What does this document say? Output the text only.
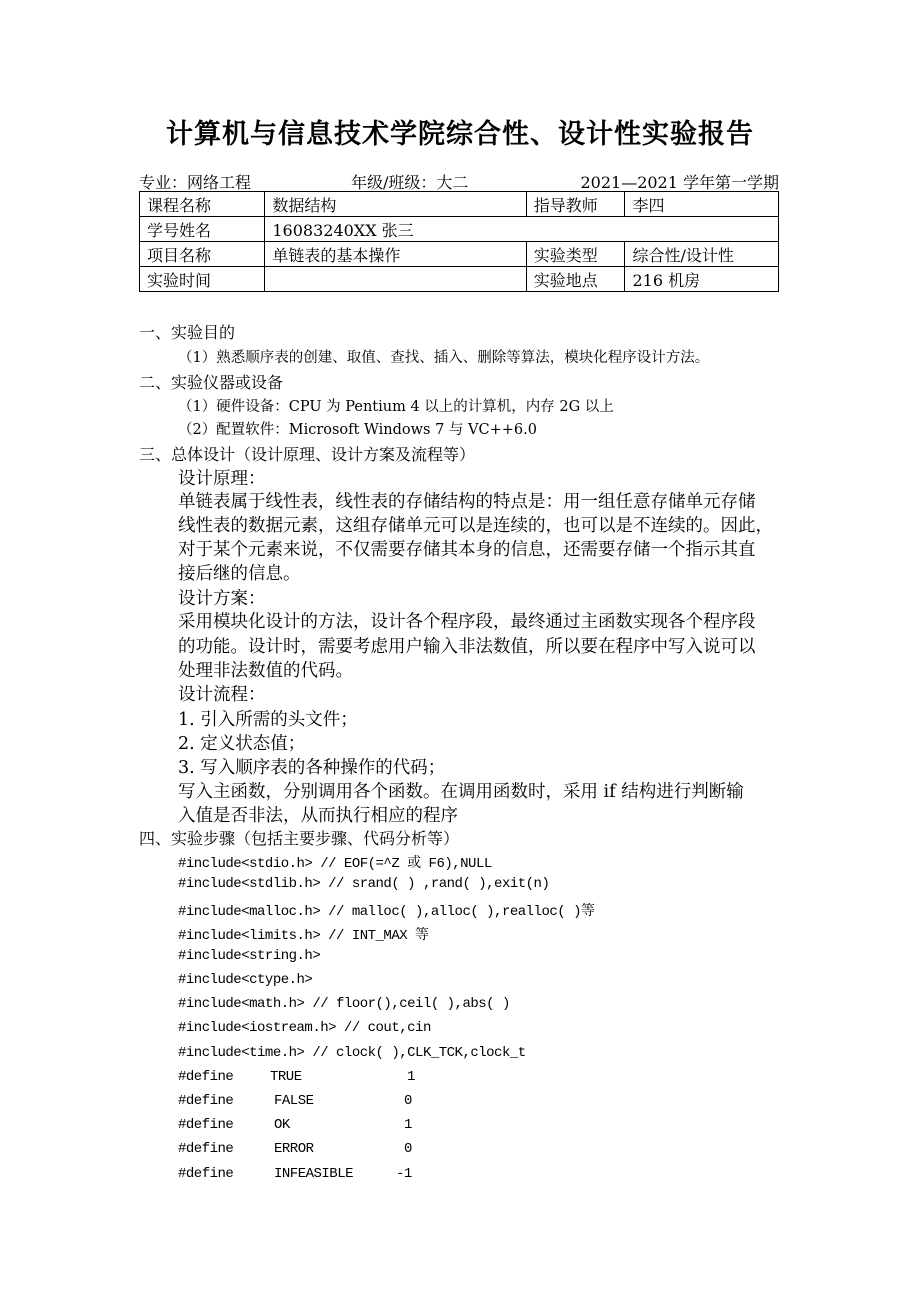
计算机与信息技术学院综合性、设计性实验报告
专业：网络工程	年级/班级：大二	2021—2021 学年第一学期
课程名称	数据结构	指导教师	李四
学号姓名	16083240XX 张三		
项目名称	单链表的基本操作	实验类型	综合性/设计性
实验时间		实验地点	216 机房
一、实验目的
（1）熟悉顺序表的创建、取值、查找、插入、删除等算法，模块化程序设计方法。
二、实验仪器或设备
（1）硬件设备：CPU 为 Pentium 4 以上的计算机，内存 2G 以上
（2）配置软件：Microsoft Windows 7 与 VC++6.0
三、总体设计（设计原理、设计方案及流程等）
设计原理：
单链表属于线性表，线性表的存储结构的特点是：用一组任意存储单元存储
线性表的数据元素，这组存储单元可以是连续的，也可以是不连续的。因此，
对于某个元素来说，不仅需要存储其本身的信息，还需要存储一个指示其直
接后继的信息。
设计方案：
采用模块化设计的方法，设计各个程序段，最终通过主函数实现各个程序段
的功能。设计时，需要考虑用户输入非法数值，所以要在程序中写入说可以
处理非法数值的代码。
设计流程：
1. 引入所需的头文件；
2. 定义状态值；
3. 写入顺序表的各种操作的代码；
写入主函数，分别调用各个函数。在调用函数时，采用 if 结构进行判断输
入值是否非法，从而执行相应的程序
四、实验步骤（包括主要步骤、代码分析等）
#include<stdio.h> // EOF(=^Z 或 F6),NULL
#include<stdlib.h> // srand( ) ,rand( ),exit(n)
#include<malloc.h> // malloc( ),alloc( ),realloc( )等
#include<limits.h> // INT_MAX 等
#include<string.h>
#include<ctype.h>
#include<math.h> // floor(),ceil( ),abs( )
#include<iostream.h> // cout,cin
#include<time.h> // clock( ),CLK_TCK,clock_t
#define	TRUE	1
#define	FALSE	0
#define	OK	1
#define	ERROR	0
#define	INFEASIBLE	-1
